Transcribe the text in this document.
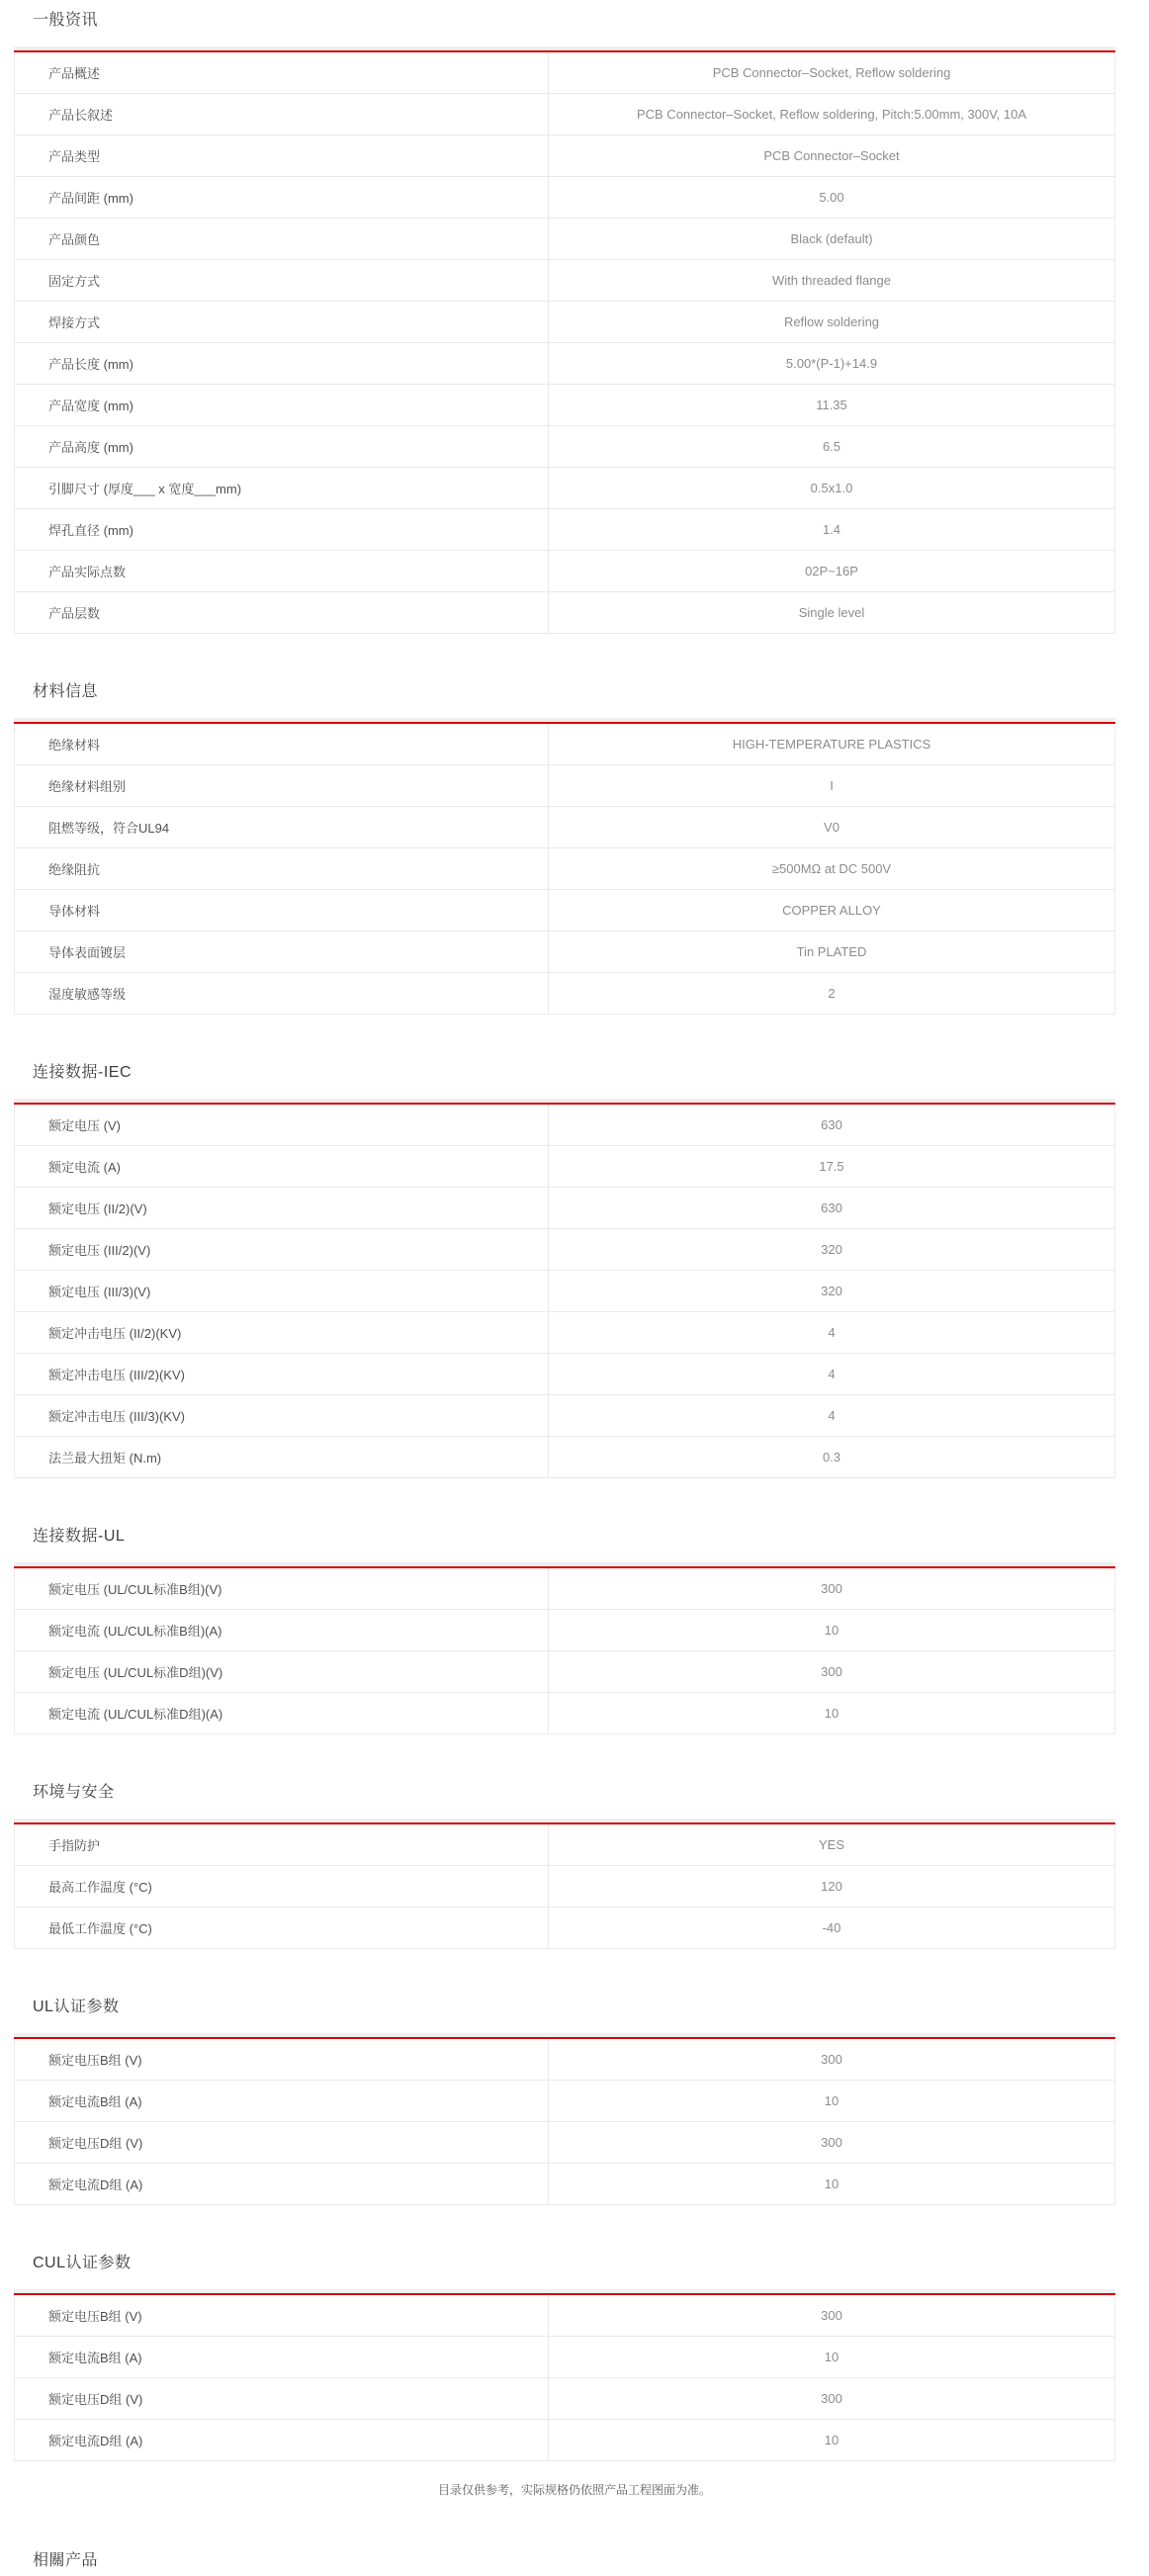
一般资讯
产品概述	PCB Connector–Socket, Reflow soldering
产品长叙述	PCB Connector–Socket, Reflow soldering, Pitch:5.00mm, 300V, 10A
产品类型	PCB Connector–Socket
产品间距 (mm)	5.00
产品颜色	Black (default)
固定方式	With threaded flange
焊接方式	Reflow soldering
产品长度 (mm)	5.00*(P-1)+14.9
产品宽度 (mm)	11.35
产品高度 (mm)	6.5
引脚尺寸 (厚度___ x 宽度___mm)	0.5x1.0
焊孔直径 (mm)	1.4
产品实际点数	02P~16P
产品层数	Single level
材料信息
绝缘材料	HIGH-TEMPERATURE PLASTICS
绝缘材料组别	I
阻燃等级，符合UL94	V0
绝缘阻抗	≥500MΩ at DC 500V
导体材料	COPPER ALLOY
导体表面镀层	Tin PLATED
湿度敏感等级	2
连接数据-IEC
额定电压 (V)	630
额定电流 (A)	17.5
额定电压 (II/2)(V)	630
额定电压 (III/2)(V)	320
额定电压 (III/3)(V)	320
额定冲击电压 (II/2)(KV)	4
额定冲击电压 (III/2)(KV)	4
额定冲击电压 (III/3)(KV)	4
法兰最大扭矩 (N.m)	0.3
连接数据-UL
额定电压 (UL/CUL标准B组)(V)	300
额定电流 (UL/CUL标准B组)(A)	10
额定电压 (UL/CUL标准D组)(V)	300
额定电流 (UL/CUL标准D组)(A)	10
环境与安全
手指防护	YES
最高工作温度 (°C)	120
最低工作温度 (°C)	-40
UL认证参数
额定电压B组 (V)	300
额定电流B组 (A)	10
额定电压D组 (V)	300
额定电流D组 (A)	10
CUL认证参数
额定电压B组 (V)	300
额定电流B组 (A)	10
额定电压D组 (V)	300
额定电流D组 (A)	10
目录仅供参考，实际规格仍依照产品工程图面为准。
相關产品
